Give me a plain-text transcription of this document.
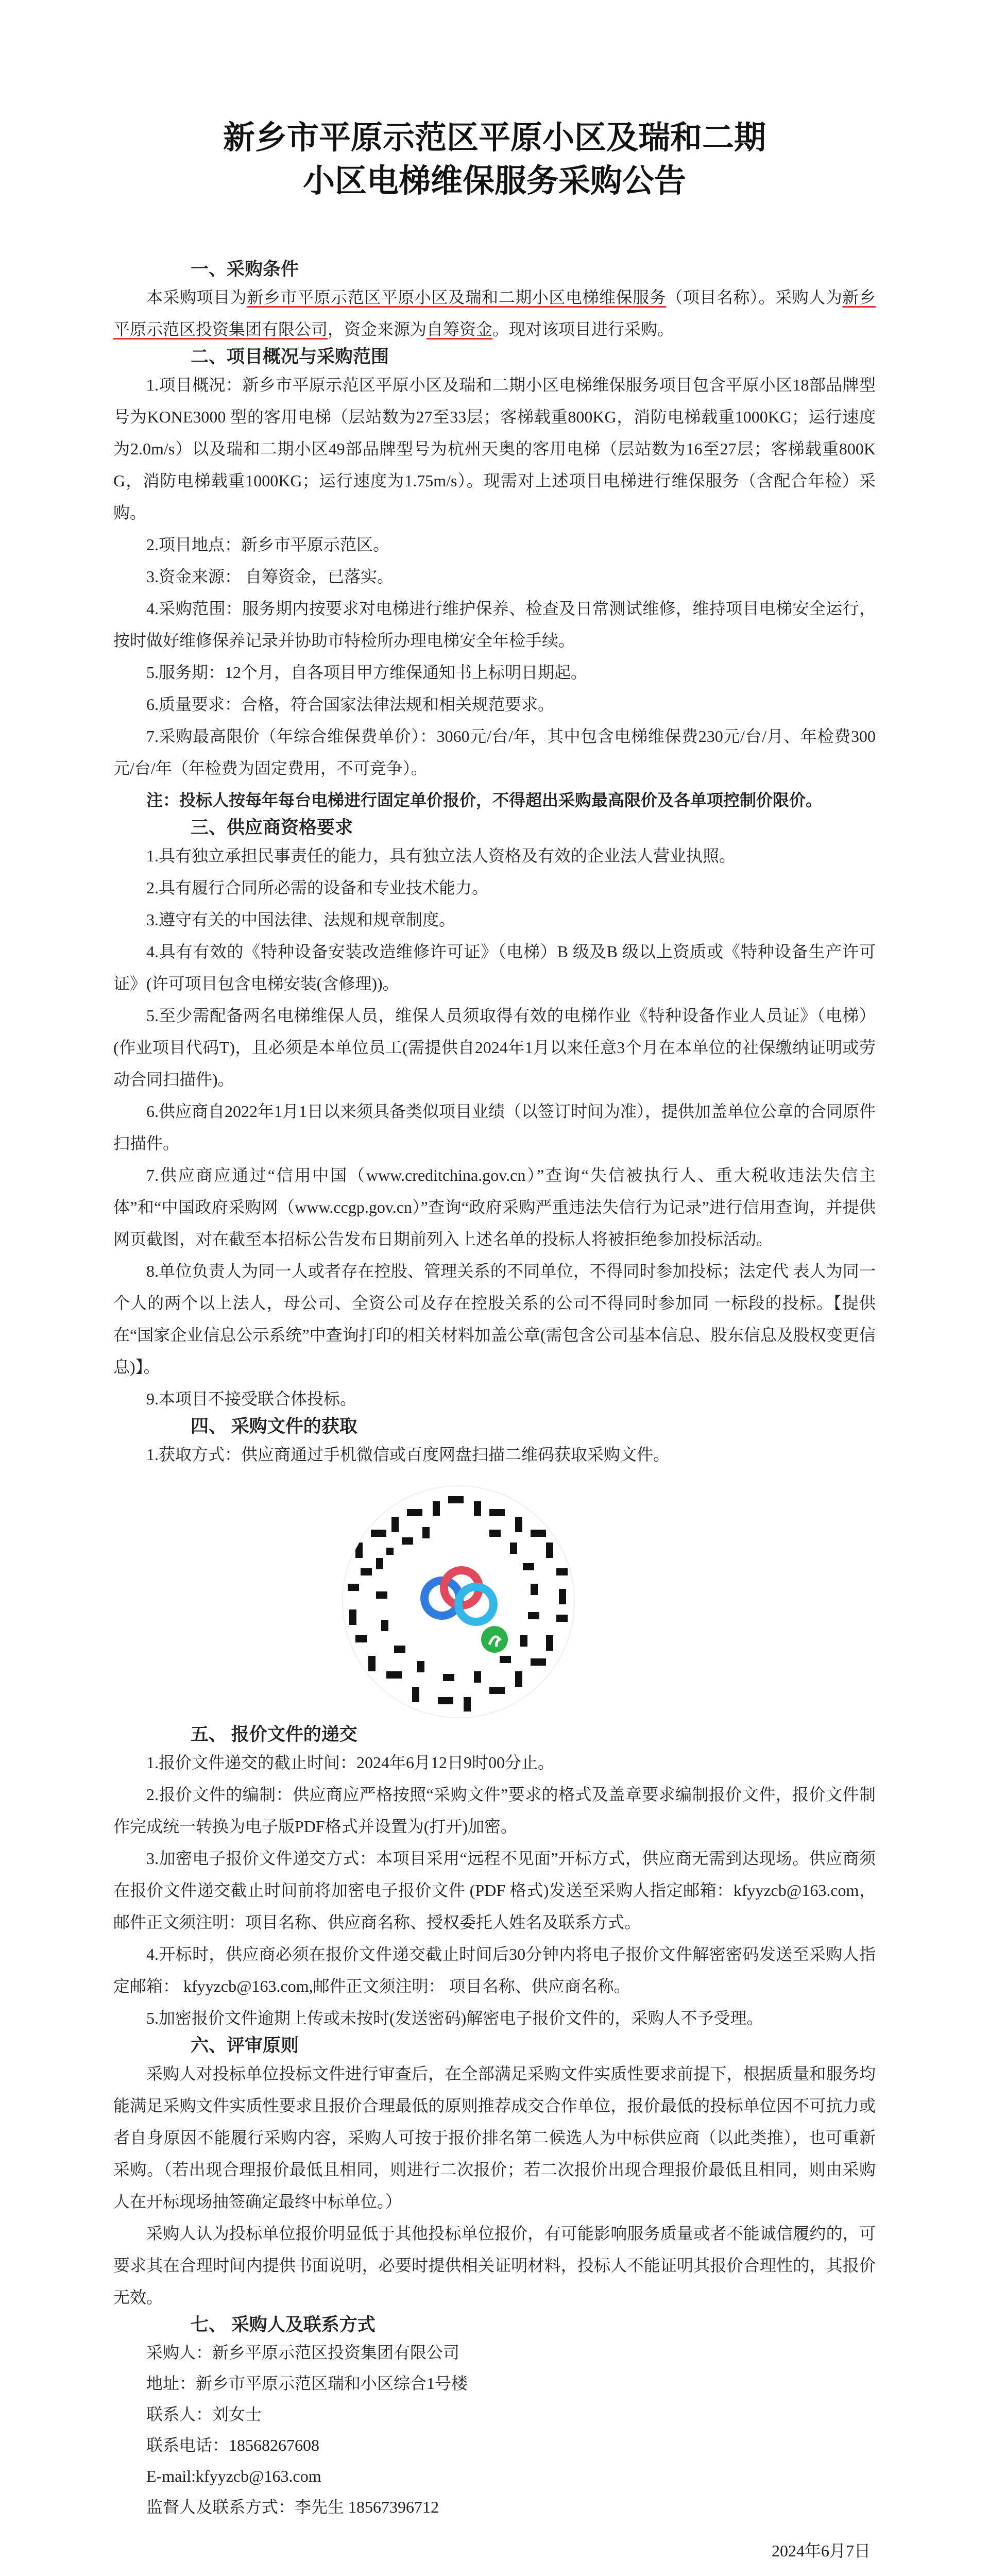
新乡市平原示范区平原小区及瑞和二期
小区电梯维保服务采购公告
一、采购条件

本采购项目为新乡市平原示范区平原小区及瑞和二期小区电梯维保服务（项目名称）。采购人为新乡平原示范区投资集团有限公司，资金来源为自筹资金。现对该项目进行采购。

二、项目概况与采购范围

1.项目概况：新乡市平原示范区平原小区及瑞和二期小区电梯维保服务项目包含平原小区18部品牌型号为KONE3000 型的客用电梯（层站数为27至33层；客梯载重800KG，消防电梯载重1000KG；运行速度为2.0m/s）以及瑞和二期小区49部品牌型号为杭州天奥的客用电梯（层站数为16至27层；客梯载重800KG，消防电梯载重1000KG；运行速度为1.75m/s）。现需对上述项目电梯进行维保服务（含配合年检）采购。

2.项目地点：新乡市平原示范区。

3.资金来源： 自筹资金，已落实。

4.采购范围：服务期内按要求对电梯进行维护保养、检查及日常测试维修，维持项目电梯安全运行，按时做好维修保养记录并协助市特检所办理电梯安全年检手续。

5.服务期：12个月，自各项目甲方维保通知书上标明日期起。

6.质量要求：合格，符合国家法律法规和相关规范要求。

7.采购最高限价（年综合维保费单价）：3060元/台/年，其中包含电梯维保费230元/台/月、年检费300元/台/年（年检费为固定费用，不可竞争）。

注：投标人按每年每台电梯进行固定单价报价，不得超出采购最高限价及各单项控制价限价。

三、供应商资格要求

1.具有独立承担民事责任的能力，具有独立法人资格及有效的企业法人营业执照。

2.具有履行合同所必需的设备和专业技术能力。

3.遵守有关的中国法律、法规和规章制度。

4.具有有效的《特种设备安装改造维修许可证》（电梯）B 级及B 级以上资质或《特种设备生产许可证》(许可项目包含电梯安装(含修理))。

5.至少需配备两名电梯维保人员，维保人员须取得有效的电梯作业《特种设备作业人员证》（电梯）(作业项目代码T)，且必须是本单位员工(需提供自2024年1月以来任意3个月在本单位的社保缴纳证明或劳动合同扫描件)。

6.供应商自2022年1月1日以来须具备类似项目业绩（以签订时间为准），提供加盖单位公章的合同原件扫描件。

7.供应商应通过“信用中国（www.creditchina.gov.cn）”查询“失信被执行人、重大税收违法失信主体”和“中国政府采购网（www.ccgp.gov.cn）”查询“政府采购严重违法失信行为记录”进行信用查询，并提供网页截图，对在截至本招标公告发布日期前列入上述名单的投标人将被拒绝参加投标活动。

8.单位负责人为同一人或者存在控股、管理关系的不同单位，不得同时参加投标；法定代 表人为同一个人的两个以上法人，母公司、全资公司及存在控股关系的公司不得同时参加同 一标段的投标。【提供在“国家企业信息公示系统”中查询打印的相关材料加盖公章(需包含公司基本信息、股东信息及股权变更信息)】。

9.本项目不接受联合体投标。

四、 采购文件的获取

1.获取方式：供应商通过手机微信或百度网盘扫描二维码获取采购文件。

五、 报价文件的递交

1.报价文件递交的截止时间：2024年6月12日9时00分止。

2.报价文件的编制：供应商应严格按照“采购文件”要求的格式及盖章要求编制报价文件，报价文件制作完成统一转换为电子版PDF格式并设置为(打开)加密。

3.加密电子报价文件递交方式：本项目采用“远程不见面”开标方式，供应商无需到达现场。供应商须在报价文件递交截止时间前将加密电子报价文件 (PDF 格式)发送至采购人指定邮箱：kfyyzcb@163.com，邮件正文须注明：项目名称、供应商名称、授权委托人姓名及联系方式。

4.开标时，供应商必须在报价文件递交截止时间后30分钟内将电子报价文件解密密码发送至采购人指定邮箱： kfyyzcb@163.com,邮件正文须注明： 项目名称、供应商名称。

5.加密报价文件逾期上传或未按时(发送密码)解密电子报价文件的，采购人不予受理。

六、评审原则

采购人对投标单位投标文件进行审查后，在全部满足采购文件实质性要求前提下，根据质量和服务均能满足采购文件实质性要求且报价合理最低的原则推荐成交合作单位，报价最低的投标单位因不可抗力或者自身原因不能履行采购内容，采购人可按于报价排名第二候选人为中标供应商（以此类推），也可重新采购。（若出现合理报价最低且相同，则进行二次报价；若二次报价出现合理报价最低且相同，则由采购人在开标现场抽签确定最终中标单位。）

采购人认为投标单位报价明显低于其他投标单位报价，有可能影响服务质量或者不能诚信履约的，可要求其在合理时间内提供书面说明，必要时提供相关证明材料，投标人不能证明其报价合理性的，其报价无效。

七、 采购人及联系方式

采购人：新乡平原示范区投资集团有限公司

地址：新乡市平原示范区瑞和小区综合1号楼

联系人：刘女士

联系电话：18568267608

E-mail:kfyyzcb@163.com

监督人及联系方式：李先生 18567396712

2024年6月7日
